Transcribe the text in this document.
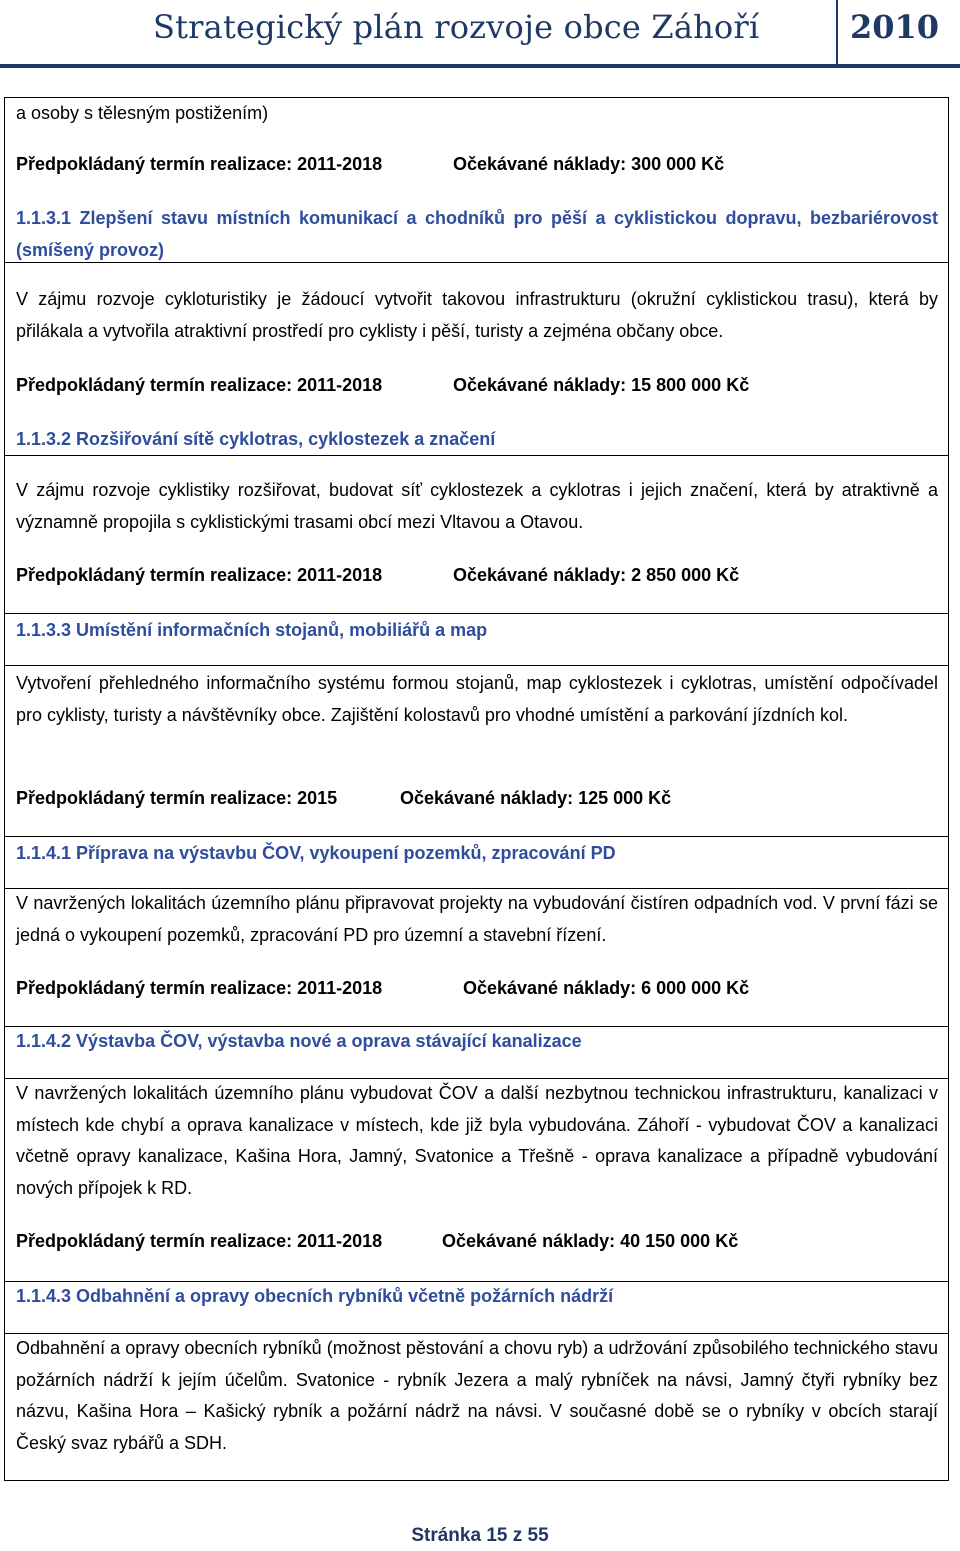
Strategický plán rozvoje obce Záhoří	2010
a osoby s tělesným postižením)
Předpokládaný termín realizace: 2011-2018	Očekávané náklady: 300 000 Kč
1.1.3.1 Zlepšení stavu místních komunikací a chodníků pro pěší a cyklistickou dopravu, bezbariérovost (smíšený provoz)
V zájmu rozvoje cykloturistiky je žádoucí vytvořit takovou infrastrukturu (okružní cyklistickou trasu), která by přilákala a vytvořila atraktivní prostředí pro cyklisty i pěší, turisty a zejména občany obce.
Předpokládaný termín realizace: 2011-2018	Očekávané náklady: 15 800 000 Kč
1.1.3.2 Rozšiřování sítě cyklotras, cyklostezek a značení
V zájmu rozvoje cyklistiky rozšiřovat, budovat síť cyklostezek a cyklotras i jejich značení, která by atraktivně a významně propojila s cyklistickými trasami obcí mezi Vltavou a Otavou.
Předpokládaný termín realizace: 2011-2018	Očekávané náklady: 2 850 000 Kč
1.1.3.3 Umístění informačních stojanů, mobiliářů a map
Vytvoření přehledného informačního systému formou stojanů, map cyklostezek i cyklotras, umístění odpočívadel pro cyklisty, turisty a návštěvníky obce. Zajištění kolostavů pro vhodné umístění a parkování jízdních kol.
Předpokládaný termín realizace: 2015	Očekávané náklady: 125 000 Kč
1.1.4.1 Příprava na výstavbu ČOV, vykoupení pozemků, zpracování PD
V navržených lokalitách územního plánu připravovat projekty na vybudování čistíren odpadních vod. V první fázi se jedná o vykoupení pozemků, zpracování PD pro územní a stavební řízení.
Předpokládaný termín realizace: 2011-2018	Očekávané náklady: 6 000 000 Kč
1.1.4.2 Výstavba ČOV, výstavba nové a oprava stávající kanalizace
V navržených lokalitách územního plánu vybudovat ČOV a další nezbytnou technickou infrastrukturu, kanalizaci v místech kde chybí a oprava kanalizace v místech, kde již byla vybudována. Záhoří - vybudovat ČOV a kanalizaci včetně opravy kanalizace, Kašina Hora, Jamný, Svatonice a Třešně - oprava kanalizace a případně vybudování nových přípojek k RD.
Předpokládaný termín realizace: 2011-2018	Očekávané náklady: 40 150 000 Kč
1.1.4.3 Odbahnění a opravy obecních rybníků včetně požárních nádrží
Odbahnění a opravy obecních rybníků (možnost pěstování a chovu ryb) a udržování způsobilého technického stavu požárních nádrží k jejím účelům. Svatonice - rybník Jezera a malý rybníček na návsi, Jamný čtyři rybníky bez názvu, Kašina Hora – Kašický rybník a požární nádrž na návsi. V současné době se o rybníky v obcích starají Český svaz rybářů a SDH.
Stránka 15 z 55
